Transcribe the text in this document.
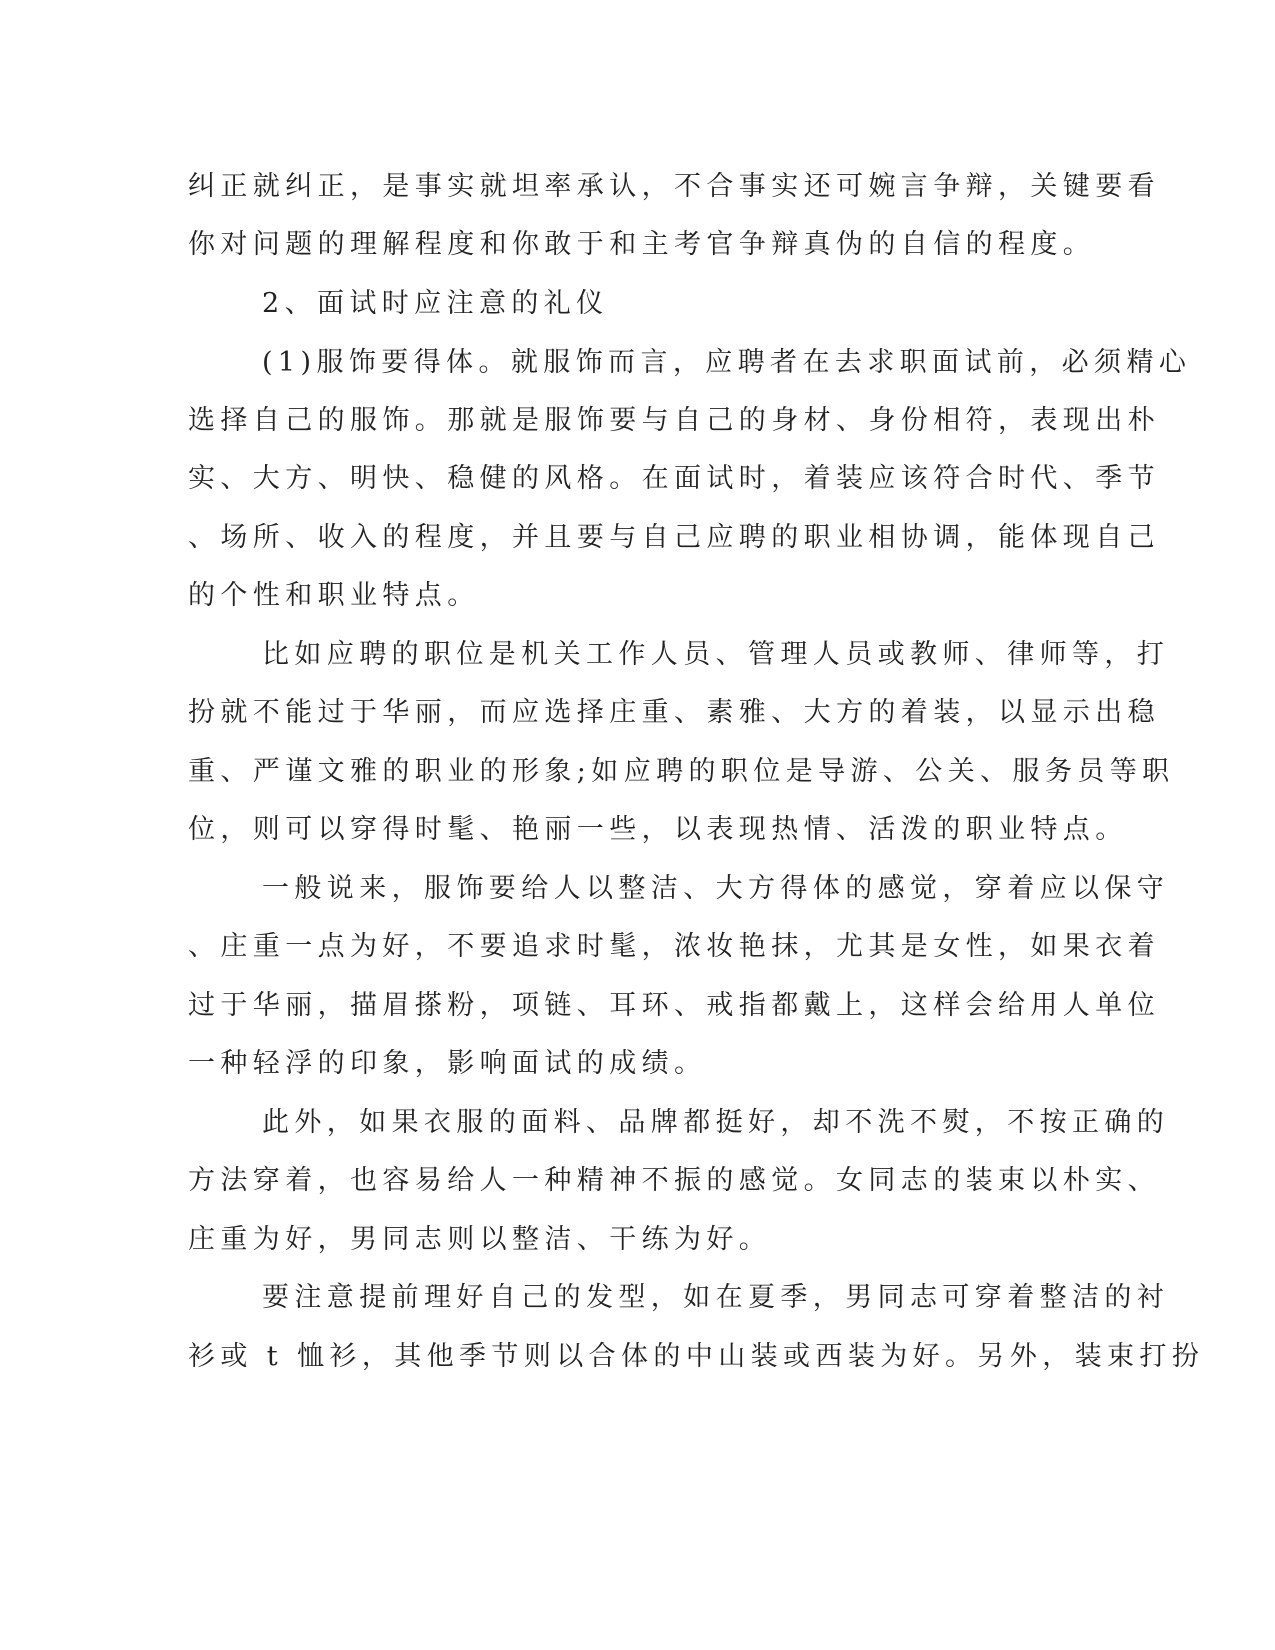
纠正就纠正，是事实就坦率承认，不合事实还可婉言争辩，关键要看
你对问题的理解程度和你敢于和主考官争辩真伪的自信的程度。
2、面试时应注意的礼仪
(1)服饰要得体。就服饰而言，应聘者在去求职面试前，必须精心
选择自己的服饰。那就是服饰要与自己的身材、身份相符，表现出朴
实、大方、明快、稳健的风格。在面试时，着装应该符合时代、季节
、场所、收入的程度，并且要与自己应聘的职业相协调，能体现自己
的个性和职业特点。
比如应聘的职位是机关工作人员、管理人员或教师、律师等，打
扮就不能过于华丽，而应选择庄重、素雅、大方的着装，以显示出稳
重、严谨文雅的职业的形象;如应聘的职位是导游、公关、服务员等职
位，则可以穿得时髦、艳丽一些，以表现热情、活泼的职业特点。
一般说来，服饰要给人以整洁、大方得体的感觉，穿着应以保守
、庄重一点为好，不要追求时髦，浓妆艳抹，尤其是女性，如果衣着
过于华丽，描眉搽粉，项链、耳环、戒指都戴上，这样会给用人单位
一种轻浮的印象，影响面试的成绩。
此外，如果衣服的面料、品牌都挺好，却不洗不熨，不按正确的
方法穿着，也容易给人一种精神不振的感觉。女同志的装束以朴实、
庄重为好，男同志则以整洁、干练为好。
要注意提前理好自己的发型，如在夏季，男同志可穿着整洁的衬
衫或 t 恤衫，其他季节则以合体的中山装或西装为好。另外，装束打扮
